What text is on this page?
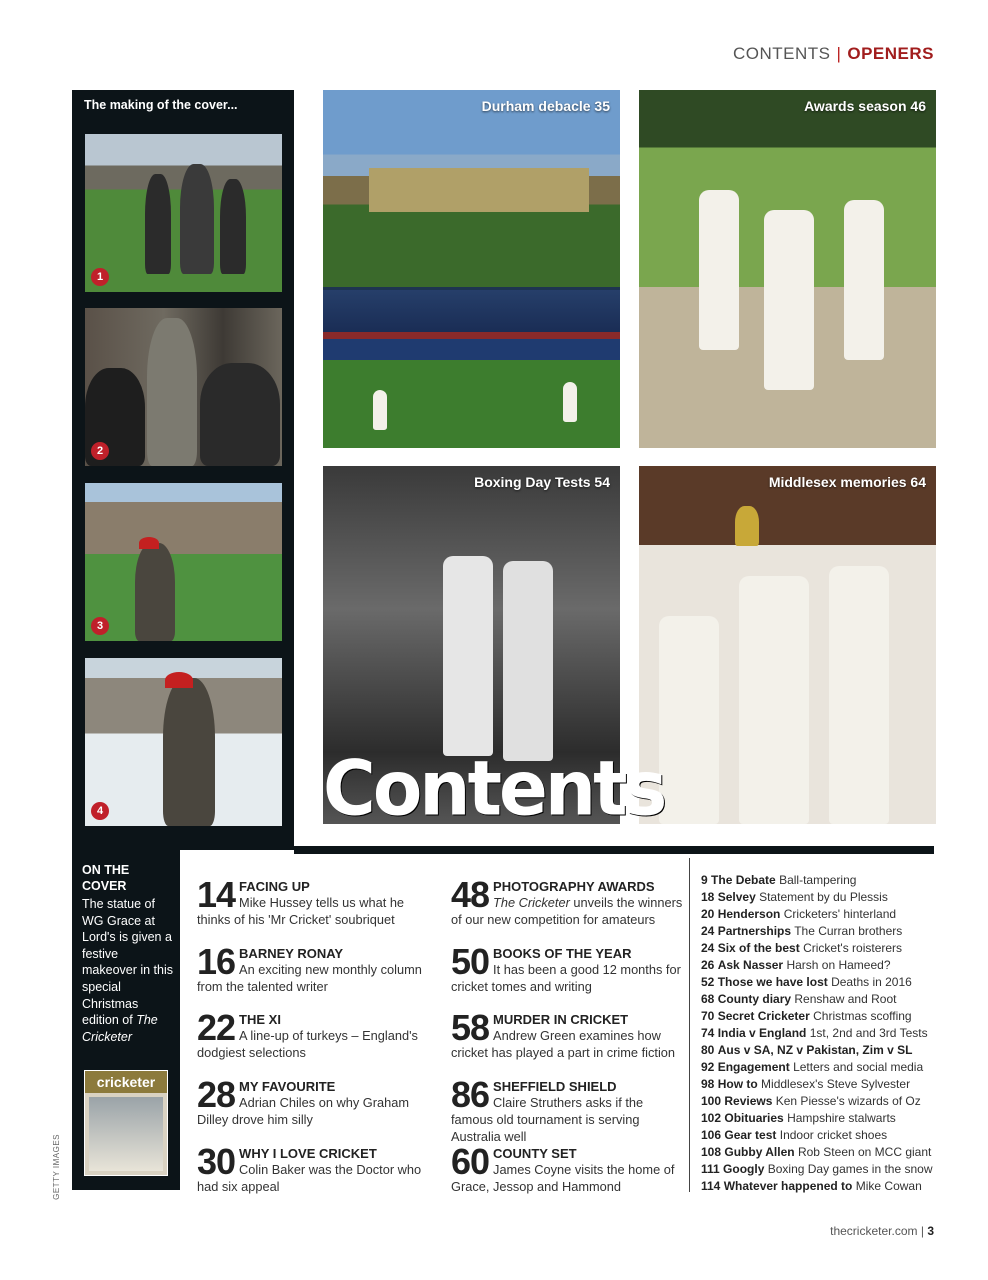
CONTENTS | OPENERS
The making of the cover...
1
2
3
4
Durham debacle 35	Awards season 46
Boxing Day Tests 54	Middlesex memories 64
Contents
ON THE COVER
The statue of WG Grace at Lord's is given a festive makeover in this special Christmas edition of The Cricketer
cricketer
GETTY IMAGES
14 FACING UP
Mike Hussey tells us what he thinks of his 'Mr Cricket' soubriquet
16 BARNEY RONAY
An exciting new monthly column from the talented writer
22 THE XI
A line-up of turkeys – England's dodgiest selections
28 MY FAVOURITE
Adrian Chiles on why Graham Dilley drove him silly
30 WHY I LOVE CRICKET
Colin Baker was the Doctor who had six appeal
48 PHOTOGRAPHY AWARDS
The Cricketer unveils the winners of our new competition for amateurs
50 BOOKS OF THE YEAR
It has been a good 12 months for cricket tomes and writing
58 MURDER IN CRICKET
Andrew Green examines how cricket has played a part in crime fiction
86 SHEFFIELD SHIELD
Claire Struthers asks if the famous old tournament is serving Australia well
60 COUNTY SET
James Coyne visits the home of Grace, Jessop and Hammond
9 The Debate Ball-tampering
18 Selvey Statement by du Plessis
20 Henderson Cricketers' hinterland
24 Partnerships The Curran brothers
24 Six of the best Cricket's roisterers
26 Ask Nasser Harsh on Hameed?
52 Those we have lost Deaths in 2016
68 County diary Renshaw and Root
70 Secret Cricketer Christmas scoffing
74 India v England 1st, 2nd and 3rd Tests
80 Aus v SA, NZ v Pakistan, Zim v SL
92 Engagement Letters and social media
98 How to Middlesex's Steve Sylvester
100 Reviews Ken Piesse's wizards of Oz
102 Obituaries Hampshire stalwarts
106 Gear test Indoor cricket shoes
108 Gubby Allen Rob Steen on MCC giant
111 Googly Boxing Day games in the snow
114 Whatever happened to Mike Cowan
thecricketer.com | 3
